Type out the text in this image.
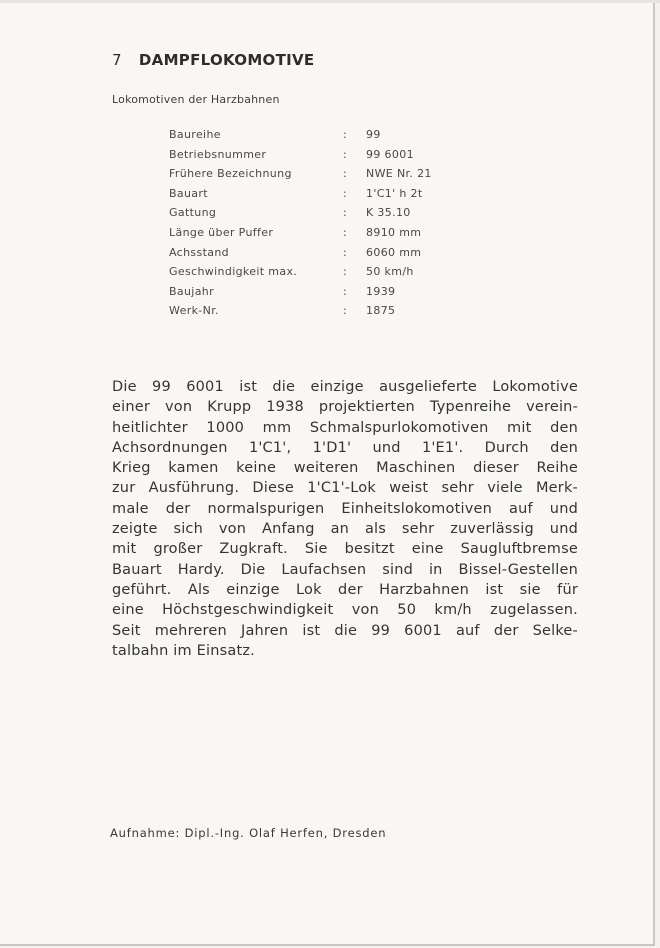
7 DAMPFLOKOMOTIVE
Lokomotiven der Harzbahnen
Baureihe	: 99
Betriebsnummer	: 99 6001
Frühere Bezeichnung	: NWE Nr. 21
Bauart	: 1'C1' h 2t
Gattung	: K 35.10
Länge über Puffer	: 8910 mm
Achsstand	: 6060 mm
Geschwindigkeit max.	: 50 km/h
Baujahr	: 1939
Werk-Nr.	: 1875
Die 99 6001 ist die einzige ausgelieferte Lokomotive
einer von Krupp 1938 projektierten Typenreihe verein-
heitlichter 1000 mm Schmalspurlokomotiven mit den
Achsordnungen 1'C1', 1'D1' und 1'E1'. Durch den
Krieg kamen keine weiteren Maschinen dieser Reihe
zur Ausführung. Diese 1'C1'-Lok weist sehr viele Merk-
male der normalspurigen Einheitslokomotiven auf und
zeigte sich von Anfang an als sehr zuverlässig und
mit großer Zugkraft. Sie besitzt eine Saugluftbremse
Bauart Hardy. Die Laufachsen sind in Bissel-Gestellen
geführt. Als einzige Lok der Harzbahnen ist sie für
eine Höchstgeschwindigkeit von 50 km/h zugelassen.
Seit mehreren Jahren ist die 99 6001 auf der Selke-
talbahn im Einsatz.
Aufnahme: Dipl.-Ing. Olaf Herfen, Dresden
